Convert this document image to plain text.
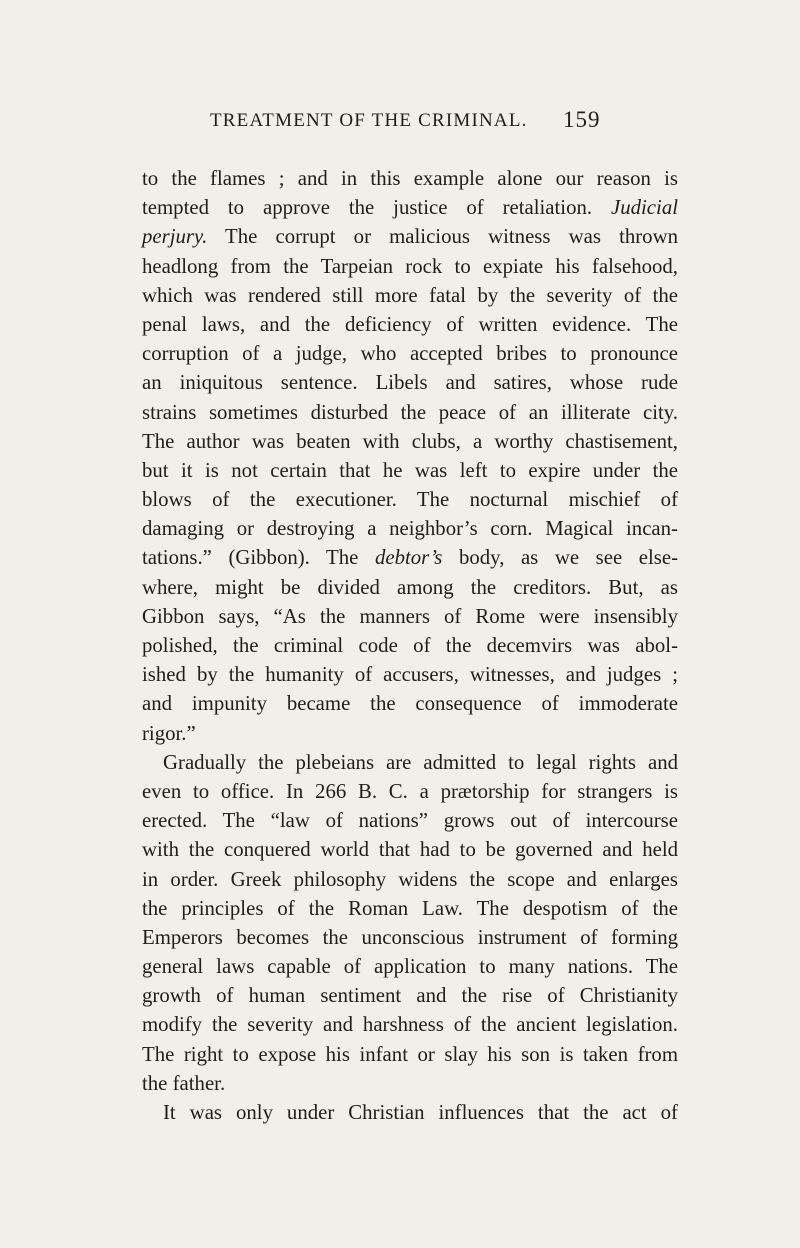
TREATMENT OF THE CRIMINAL. 159
to the flames ; and in this example alone our reason is
tempted to approve the justice of retaliation. Judicial
perjury. The corrupt or malicious witness was thrown
headlong from the Tarpeian rock to expiate his falsehood,
which was rendered still more fatal by the severity of the
penal laws, and the deficiency of written evidence. The
corruption of a judge, who accepted bribes to pronounce
an iniquitous sentence. Libels and satires, whose rude
strains sometimes disturbed the peace of an illiterate city.
The author was beaten with clubs, a worthy chastisement,
but it is not certain that he was left to expire under the
blows of the executioner. The nocturnal mischief of
damaging or destroying a neighbor’s corn. Magical incan-
tations.” (Gibbon). The debtor’s body, as we see else-
where, might be divided among the creditors. But, as
Gibbon says, “As the manners of Rome were insensibly
polished, the criminal code of the decemvirs was abol-
ished by the humanity of accusers, witnesses, and judges ;
and impunity became the consequence of immoderate
rigor.”
Gradually the plebeians are admitted to legal rights and
even to office. In 266 B. C. a prætorship for strangers is
erected. The “law of nations” grows out of intercourse
with the conquered world that had to be governed and held
in order. Greek philosophy widens the scope and enlarges
the principles of the Roman Law. The despotism of the
Emperors becomes the unconscious instrument of forming
general laws capable of application to many nations. The
growth of human sentiment and the rise of Christianity
modify the severity and harshness of the ancient legislation.
The right to expose his infant or slay his son is taken from
the father.
It was only under Christian influences that the act of
